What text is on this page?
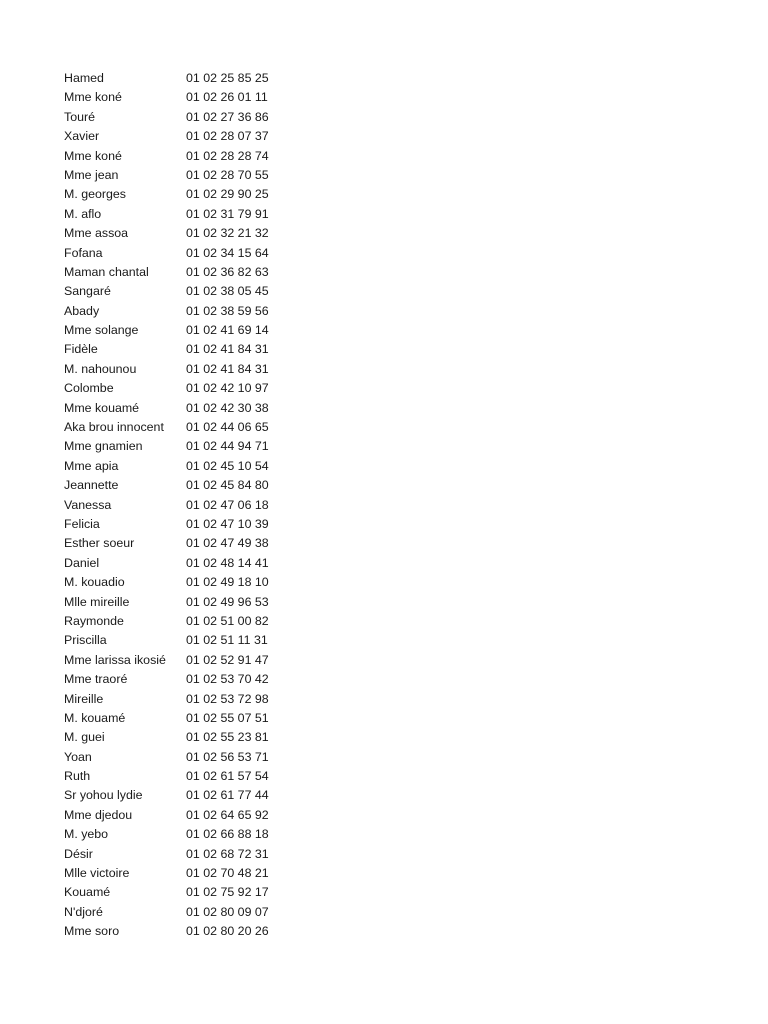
Hamed	01 02 25 85 25
Mme koné	01 02 26 01 11
Touré	01 02 27 36 86
Xavier	01 02 28 07 37
Mme koné	01 02 28 28 74
Mme jean	01 02 28 70 55
M. georges	01 02 29 90 25
M. aflo	01 02 31 79 91
Mme assoa	01 02 32 21 32
Fofana	01 02 34 15 64
Maman chantal	01 02 36 82 63
Sangaré	01 02 38 05 45
Abady	01 02 38 59 56
Mme solange	01 02 41 69 14
Fidèle	01 02 41 84 31
M. nahounou	01 02 41 84 31
Colombe	01 02 42 10 97
Mme kouamé	01 02 42 30 38
Aka brou innocent	01 02 44 06 65
Mme gnamien	01 02 44 94 71
Mme apia	01 02 45 10 54
Jeannette	01 02 45 84 80
Vanessa	01 02 47 06 18
Felicia	01 02 47 10 39
Esther soeur	01 02 47 49 38
Daniel	01 02 48 14 41
M. kouadio	01 02 49 18 10
Mlle mireille	01 02 49 96 53
Raymonde	01 02 51 00 82
Priscilla	01 02 51 11 31
Mme larissa ikosié	01 02 52 91 47
Mme traoré	01 02 53 70 42
Mireille	01 02 53 72 98
M. kouamé	01 02 55 07 51
M. guei	01 02 55 23 81
Yoan	01 02 56 53 71
Ruth	01 02 61 57 54
Sr yohou lydie	01 02 61 77 44
Mme djedou	01 02 64 65 92
M. yebo	01 02 66 88 18
Désir	01 02 68 72 31
Mlle victoire	01 02 70 48 21
Kouamé	01 02 75 92 17
N'djoré	01 02 80 09 07
Mme soro	01 02 80 20 26
